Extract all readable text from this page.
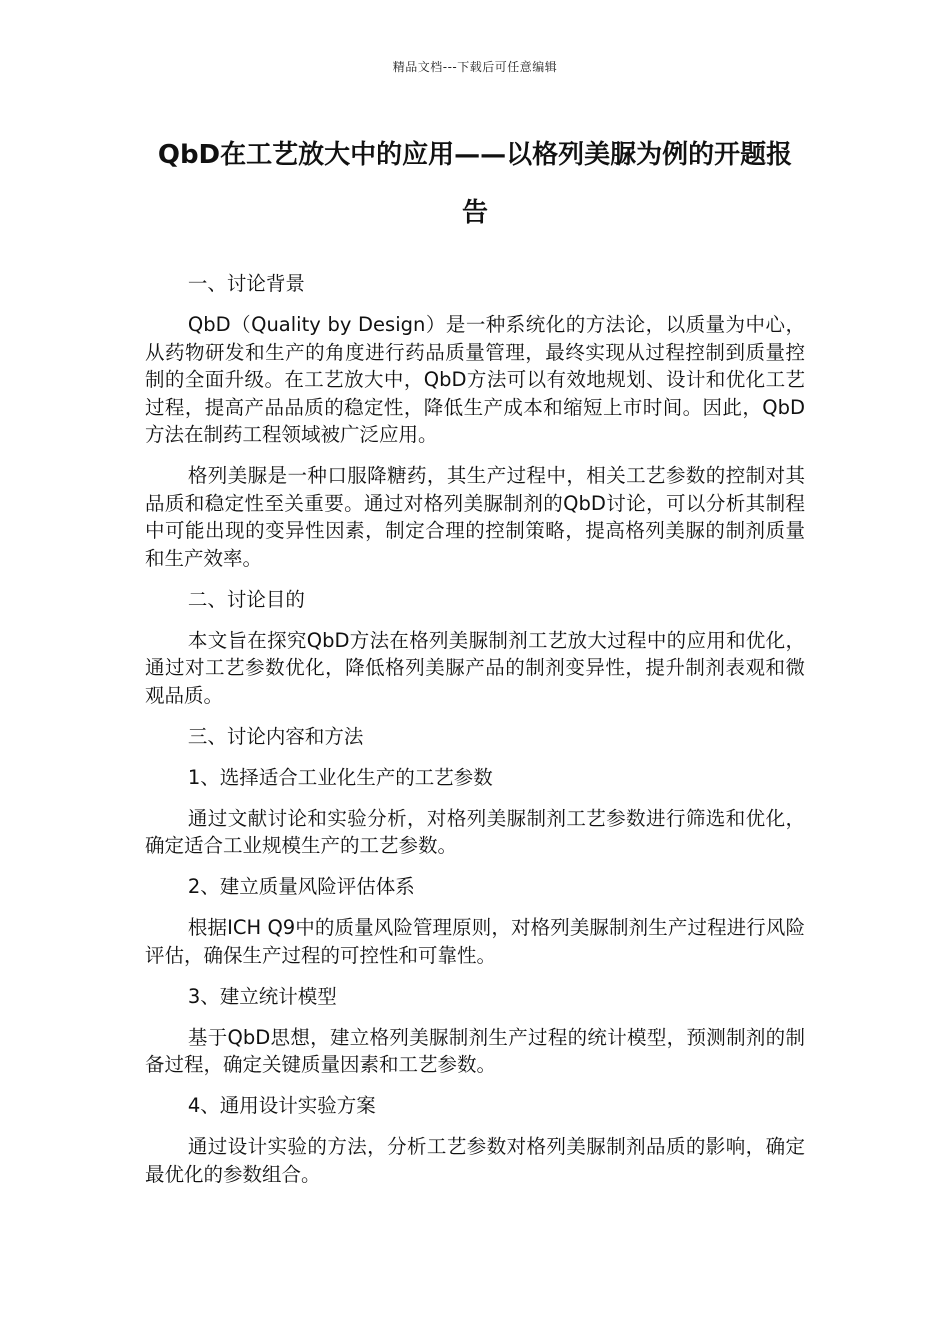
精品文档---下载后可任意编辑
QbD在工艺放大中的应用——以格列美脲为例的开题报告

一、讨论背景

QbD（Quality by Design）是一种系统化的方法论，以质量为中心，从药物研发和生产的角度进行药品质量管理，最终实现从过程控制到质量控制的全面升级。在工艺放大中，QbD方法可以有效地规划、设计和优化工艺过程，提高产品品质的稳定性，降低生产成本和缩短上市时间。因此，QbD方法在制药工程领域被广泛应用。

格列美脲是一种口服降糖药，其生产过程中，相关工艺参数的控制对其品质和稳定性至关重要。通过对格列美脲制剂的QbD讨论，可以分析其制程中可能出现的变异性因素，制定合理的控制策略，提高格列美脲的制剂质量和生产效率。

二、讨论目的

本文旨在探究QbD方法在格列美脲制剂工艺放大过程中的应用和优化，通过对工艺参数优化，降低格列美脲产品的制剂变异性，提升制剂表观和微观品质。

三、讨论内容和方法

1、选择适合工业化生产的工艺参数

通过文献讨论和实验分析，对格列美脲制剂工艺参数进行筛选和优化，确定适合工业规模生产的工艺参数。

2、建立质量风险评估体系

根据ICH Q9中的质量风险管理原则，对格列美脲制剂生产过程进行风险评估，确保生产过程的可控性和可靠性。

3、建立统计模型

基于QbD思想，建立格列美脲制剂生产过程的统计模型，预测制剂的制备过程，确定关键质量因素和工艺参数。

4、通用设计实验方案

通过设计实验的方法，分析工艺参数对格列美脲制剂品质的影响，确定最优化的参数组合。
